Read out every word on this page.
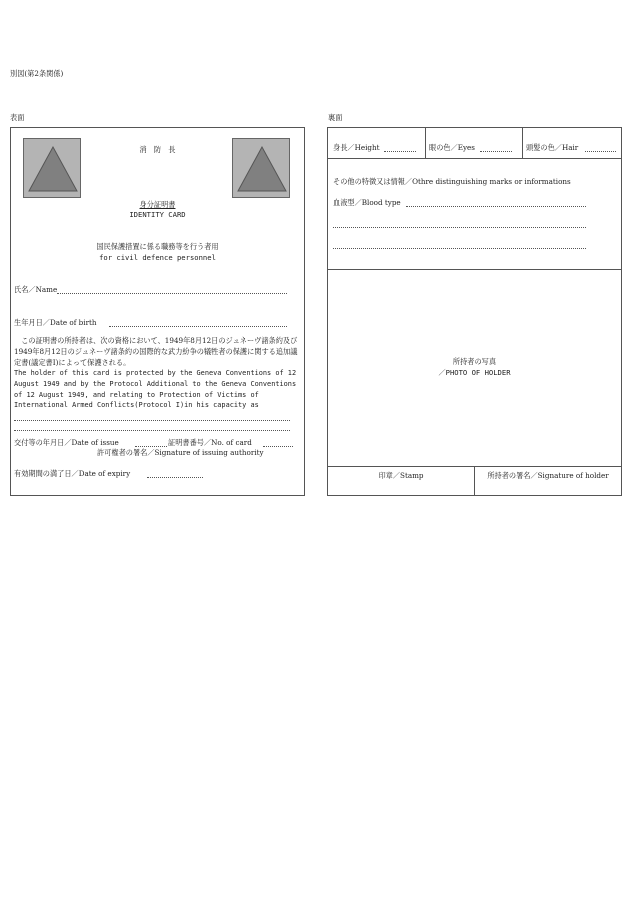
別図(第2条関係)
表面	裏面
消　防　長
身分証明書
IDENTITY CARD
国民保護措置に係る職務等を行う者用
for civil defence personnel
氏名／Name
生年月日／Date of birth
　この証明書の所持者は、次の資格において、1949年8月12日のジュネーヴ諸条約及び1949年8月12日のジュネーヴ諸条約の国際的な武力紛争の犠牲者の保護に関する追加議定書(議定書Ⅰ)によって保護される。
The holder of this card is protected by the Geneva Conventions of 12 August 1949 and by the Protocol Additional to the Geneva Conventions of 12 August 1949, and relating to Protection of Victims of International Armed Conflicts(Protocol I)in his capacity as
交付等の年月日／Date of issue	証明書番号／No. of card
許可権者の署名／Signature of issuing authority
有効期間の満了日／Date of expiry
身長／Height	眼の色／Eyes	頭髪の色／Hair
その他の特徴又は情報／Othre distinguishing marks or informations
血液型／Blood type
所持者の写真
／PHOTO OF HOLDER
印章／Stamp	所持者の署名／Signature of holder
